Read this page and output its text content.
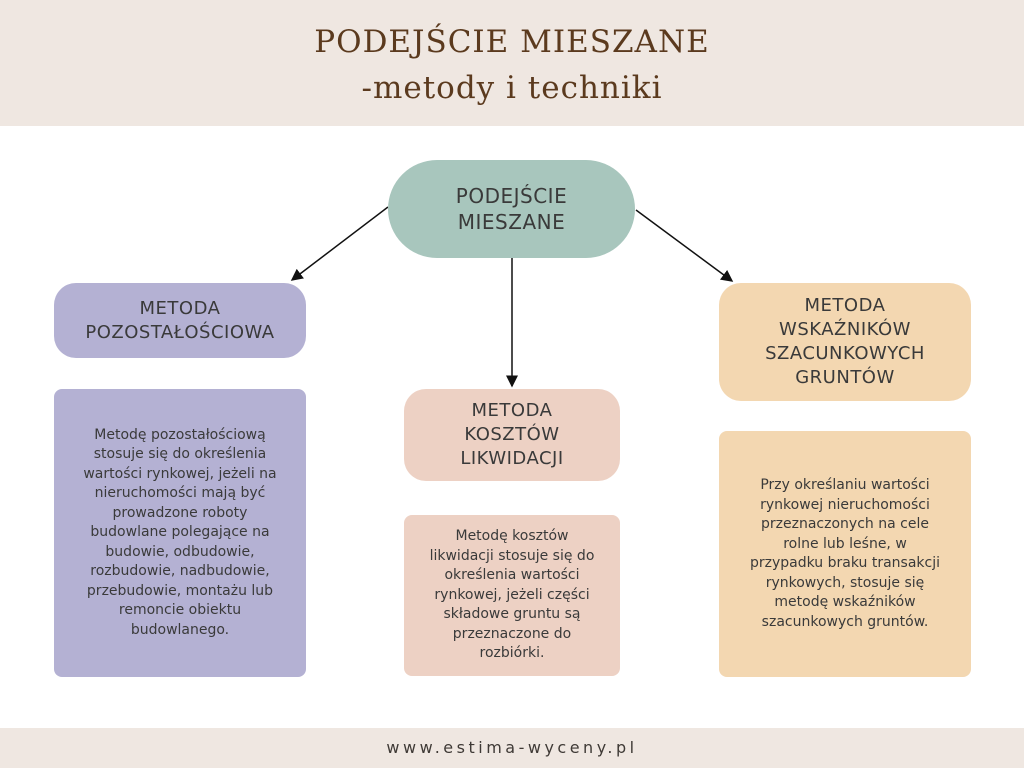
PODEJŚCIE MIESZANE
-metody i techniki
PODEJŚCIE
MIESZANE
METODA
POZOSTAŁOŚCIOWA
Metodę pozostałościową
stosuje się do określenia
wartości rynkowej, jeżeli na
nieruchomości mają być
prowadzone roboty
budowlane polegające na
budowie, odbudowie,
rozbudowie, nadbudowie,
przebudowie, montażu lub
remoncie obiektu
budowlanego.
METODA
KOSZTÓW
LIKWIDACJI
Metodę kosztów
likwidacji stosuje się do
określenia wartości
rynkowej, jeżeli części
składowe gruntu są
przeznaczone do
rozbiórki.
METODA
WSKAŹNIKÓW
SZACUNKOWYCH
GRUNTÓW
Przy określaniu wartości
rynkowej nieruchomości
przeznaczonych na cele
rolne lub leśne, w
przypadku braku transakcji
rynkowych, stosuje się
metodę wskaźników
szacunkowych gruntów.
www.estima-wyceny.pl
